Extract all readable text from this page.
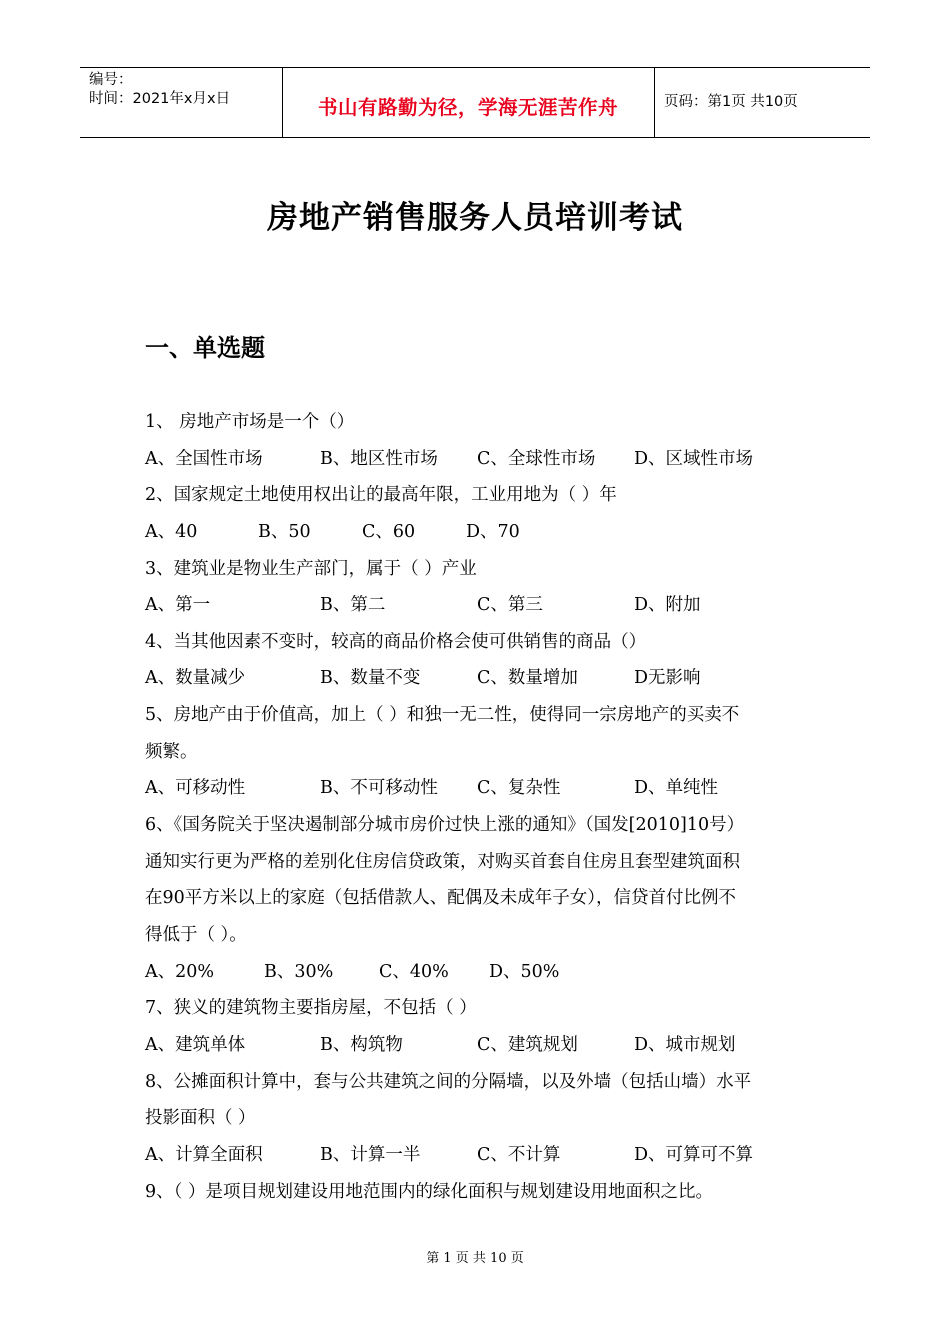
编号：
时间：2021年x月x日	书山有路勤为径，学海无涯苦作舟	页码：第1页 共10页
房地产销售服务人员培训考试
一、单选题
1、 房地产市场是一个（）
A、全国性市场	B、地区性市场 C、全球性市场 D、区域性市场
2、国家规定土地使用权出让的最高年限，工业用地为（ ）年
A、40	B、50	C、60	D、70
3、建筑业是物业生产部门，属于（ ）产业
A、第一	B、第二	C、第三	D、附加
4、当其他因素不变时，较高的商品价格会使可供销售的商品（）
A、数量减少	B、数量不变	C、数量增加	D无影响
5、房地产由于价值高，加上（ ）和独一无二性，使得同一宗房地产的买卖不
频繁。
A、可移动性	B、不可移动性 C、复杂性	D、单纯性
6、《国务院关于坚决遏制部分城市房价过快上涨的通知》（国发[2010]10号）
通知实行更为严格的差别化住房信贷政策，对购买首套自住房且套型建筑面积
在90平方米以上的家庭（包括借款人、配偶及未成年子女），信贷首付比例不
得低于（ ）。
A、20%	B、30%	C、40% D、50%
7、狭义的建筑物主要指房屋，不包括（ ）
A、建筑单体	B、构筑物	C、建筑规划	D、城市规划
8、公摊面积计算中，套与公共建筑之间的分隔墙，以及外墙（包括山墙）水平
投影面积（ ）
A、计算全面积	B、计算一半	C、不计算	D、可算可不算
9、（ ）是项目规划建设用地范围内的绿化面积与规划建设用地面积之比。
第 1 页 共 10 页
